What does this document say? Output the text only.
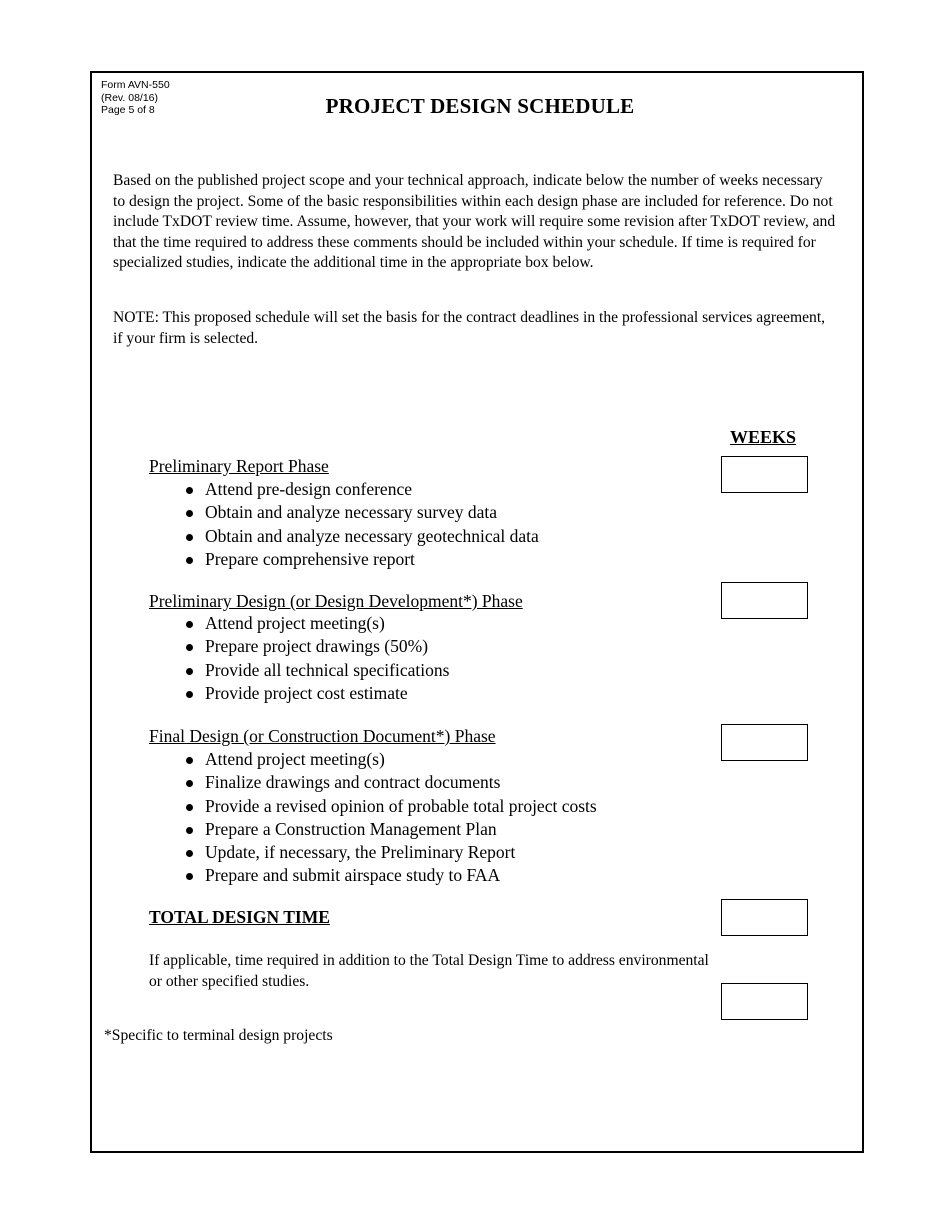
Form AVN-550
(Rev. 08/16)
Page 5 of 8	PROJECT DESIGN SCHEDULE
Based on the published project scope and your technical approach, indicate below the number of weeks necessary to design the project. Some of the basic responsibilities within each design phase are included for reference. Do not include TxDOT review time. Assume, however, that your work will require some revision after TxDOT review, and that the time required to address these comments should be included within your schedule. If time is required for specialized studies, indicate the additional time in the appropriate box below.
NOTE: This proposed schedule will set the basis for the contract deadlines in the professional services agreement, if your firm is selected.
WEEKS
Preliminary Report Phase
Attend pre-design conference
Obtain and analyze necessary survey data
Obtain and analyze necessary geotechnical data
Prepare comprehensive report
Preliminary Design (or Design Development*) Phase
Attend project meeting(s)
Prepare project drawings (50%)
Provide all technical specifications
Provide project cost estimate
Final Design (or Construction Document*) Phase
Attend project meeting(s)
Finalize drawings and contract documents
Provide a revised opinion of probable total project costs
Prepare a Construction Management Plan
Update, if necessary, the Preliminary Report
Prepare and submit airspace study to FAA
TOTAL DESIGN TIME
If applicable, time required in addition to the Total Design Time to address environmental or other specified studies.
*Specific to terminal design projects
